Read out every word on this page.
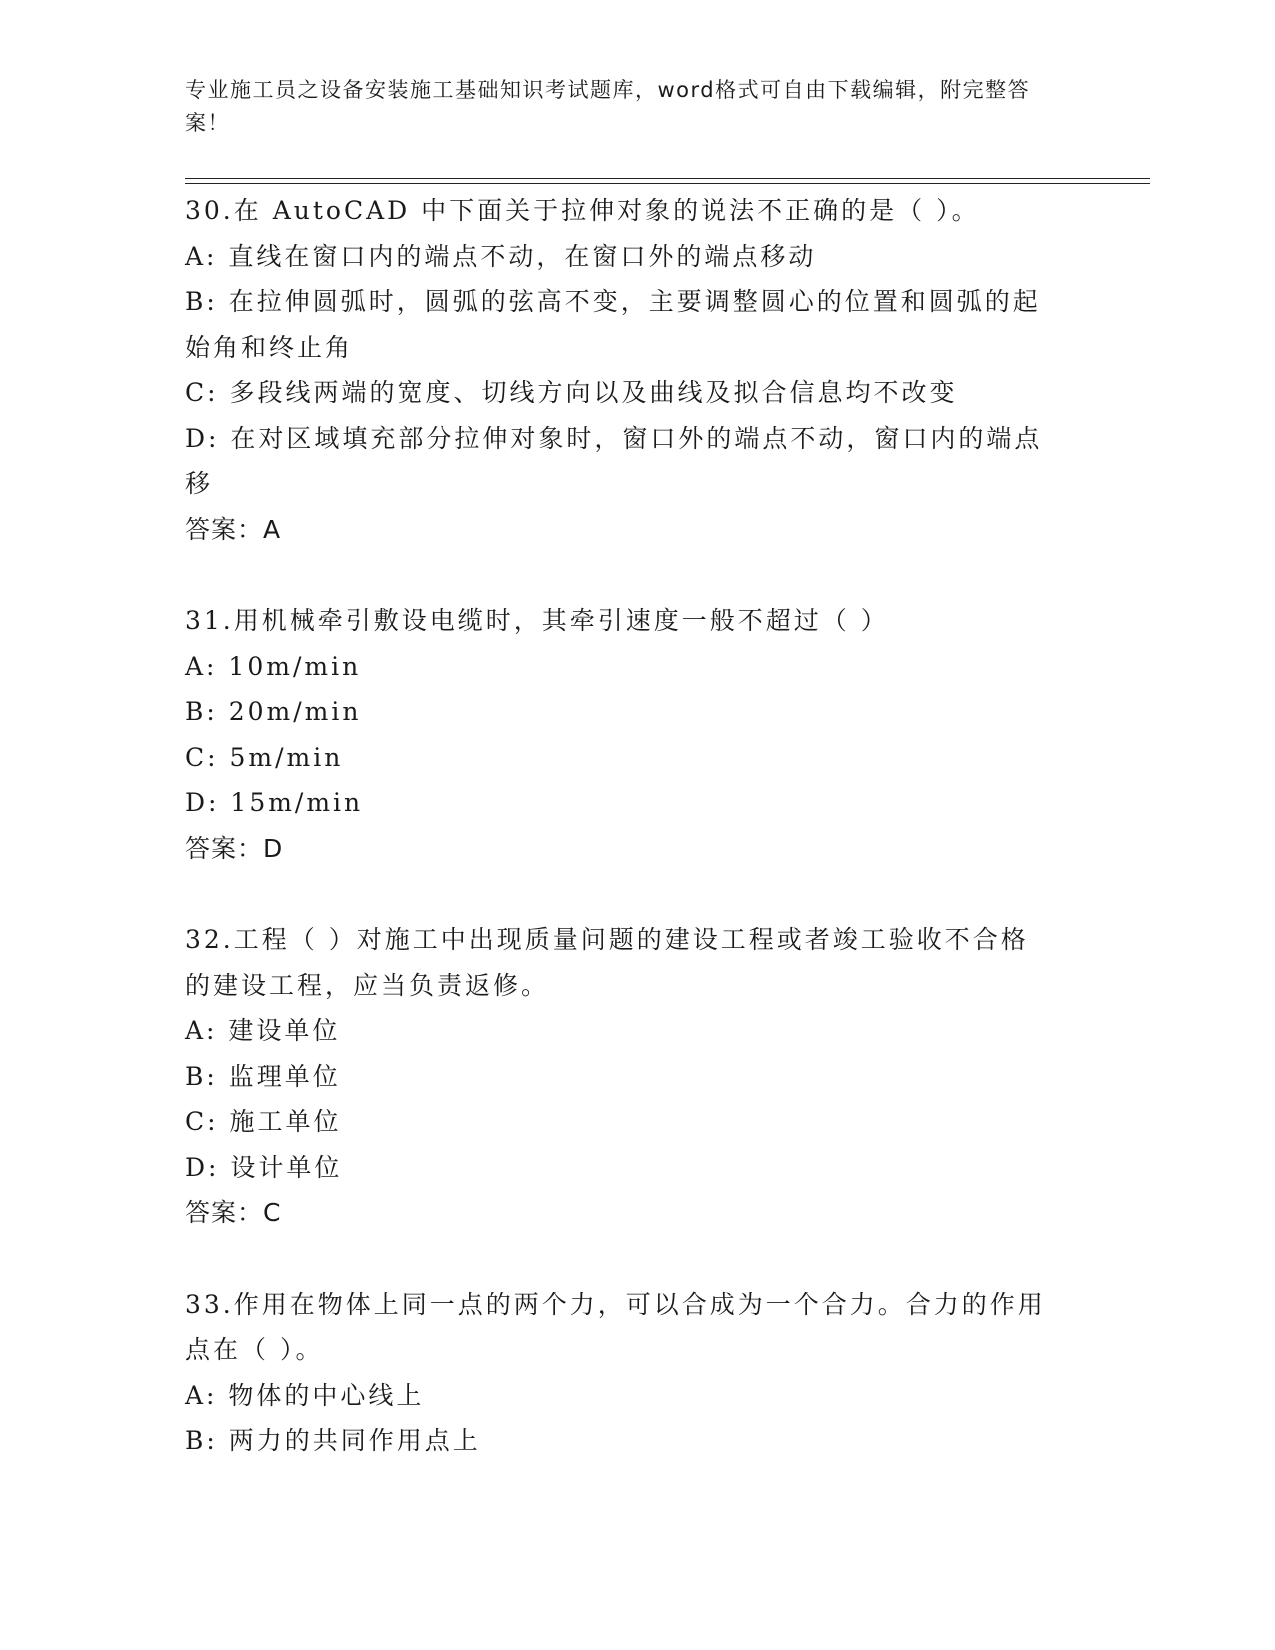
专业施工员之设备安装施工基础知识考试题库，word格式可自由下载编辑，附完整答案！
30.在 AutoCAD 中下面关于拉伸对象的说法不正确的是（ ）。
A: 直线在窗口内的端点不动，在窗口外的端点移动
B: 在拉伸圆弧时，圆弧的弦高不变，主要调整圆心的位置和圆弧的起
始角和终止角
C: 多段线两端的宽度、切线方向以及曲线及拟合信息均不改变
D: 在对区域填充部分拉伸对象时，窗口外的端点不动，窗口内的端点
移
答案：A
31.用机械牵引敷设电缆时，其牵引速度一般不超过（ ）
A: 10m/min
B: 20m/min
C: 5m/min
D: 15m/min
答案：D
32.工程（ ）对施工中出现质量问题的建设工程或者竣工验收不合格
的建设工程，应当负责返修。
A: 建设单位
B: 监理单位
C: 施工单位
D: 设计单位
答案：C
33.作用在物体上同一点的两个力，可以合成为一个合力。合力的作用
点在（ ）。
A: 物体的中心线上
B: 两力的共同作用点上
